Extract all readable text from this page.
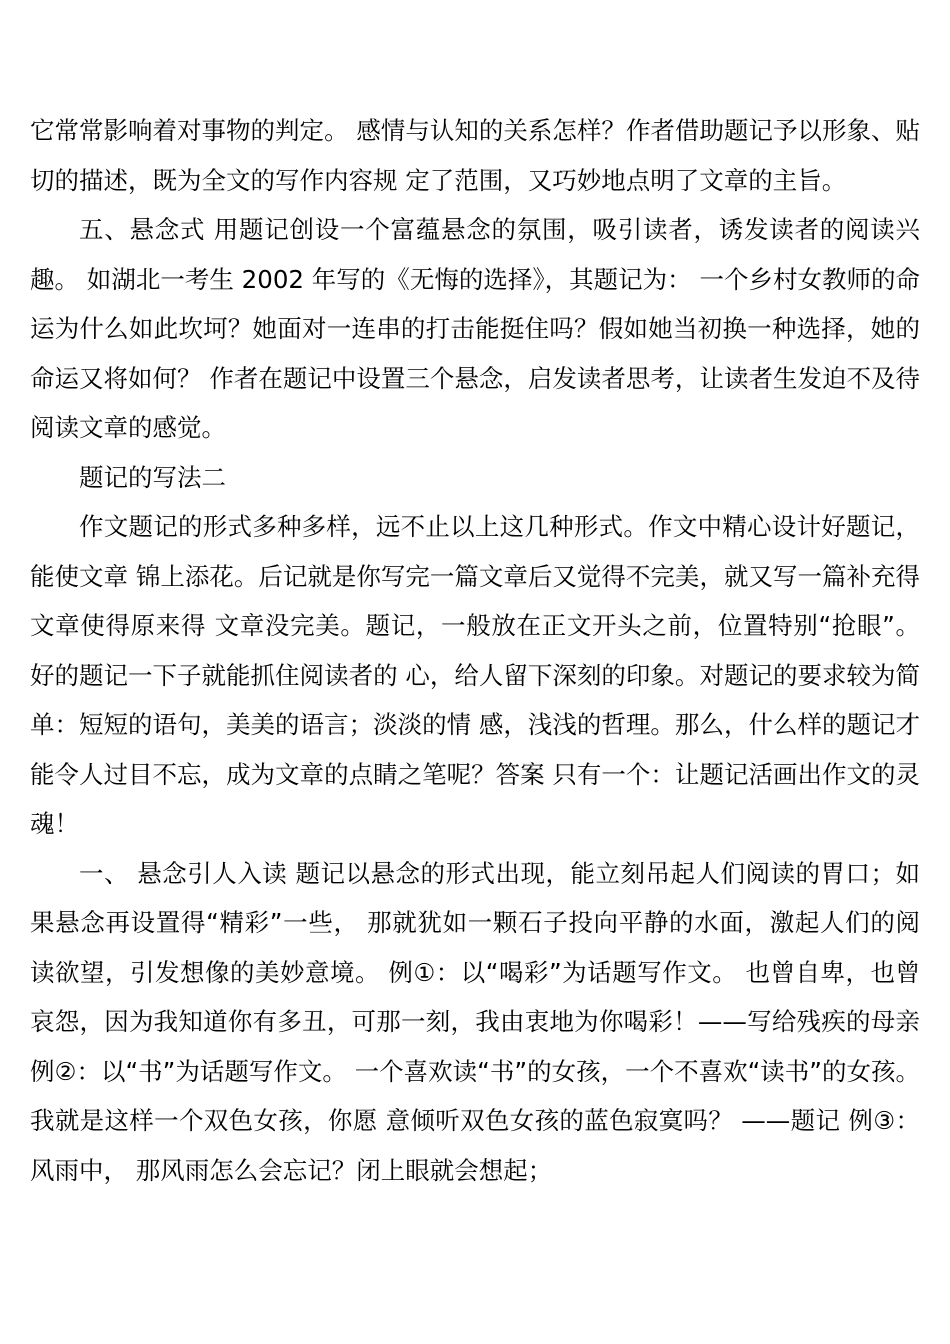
它常常影响着对事物的判定。 感情与认知的关系怎样？作者借助题记予以形象、贴切的描述，既为全文的写作内容规 定了范围，又巧妙地点明了文章的主旨。

五、悬念式 用题记创设一个富蕴悬念的氛围，吸引读者，诱发读者的阅读兴趣。 如湖北一考生 2002 年写的《无悔的选择》，其题记为： 一个乡村女教师的命运为什么如此坎坷？她面对一连串的打击能挺住吗？假如她当初换一种选择，她的命运又将如何？ 作者在题记中设置三个悬念，启发读者思考，让读者生发迫不及待阅读文章的感觉。

题记的写法二

作文题记的形式多种多样，远不止以上这几种形式。作文中精心设计好题记，能使文章 锦上添花。后记就是你写完一篇文章后又觉得不完美，就又写一篇补充得文章使得原来得 文章没完美。题记，一般放在正文开头之前，位置特别“抢眼”。好的题记一下子就能抓住阅读者的 心，给人留下深刻的印象。对题记的要求较为简单：短短的语句，美美的语言；淡淡的情 感，浅浅的哲理。那么，什么样的题记才能令人过目不忘，成为文章的点睛之笔呢？答案 只有一个：让题记活画出作文的灵魂！

一、 悬念引人入读 题记以悬念的形式出现，能立刻吊起人们阅读的胃口；如果悬念再设置得“精彩”一些， 那就犹如一颗石子投向平静的水面，激起人们的阅读欲望，引发想像的美妙意境。 例①：以“喝彩”为话题写作文。 也曾自卑，也曾哀怨，因为我知道你有多丑，可那一刻，我由衷地为你喝彩！——写给残疾的母亲 例②：以“书”为话题写作文。 一个喜欢读“书”的女孩，一个不喜欢“读书”的女孩。我就是这样一个双色女孩，你愿 意倾听双色女孩的蓝色寂寞吗？ ——题记 例③：风雨中， 那风雨怎么会忘记？闭上眼就会想起；
